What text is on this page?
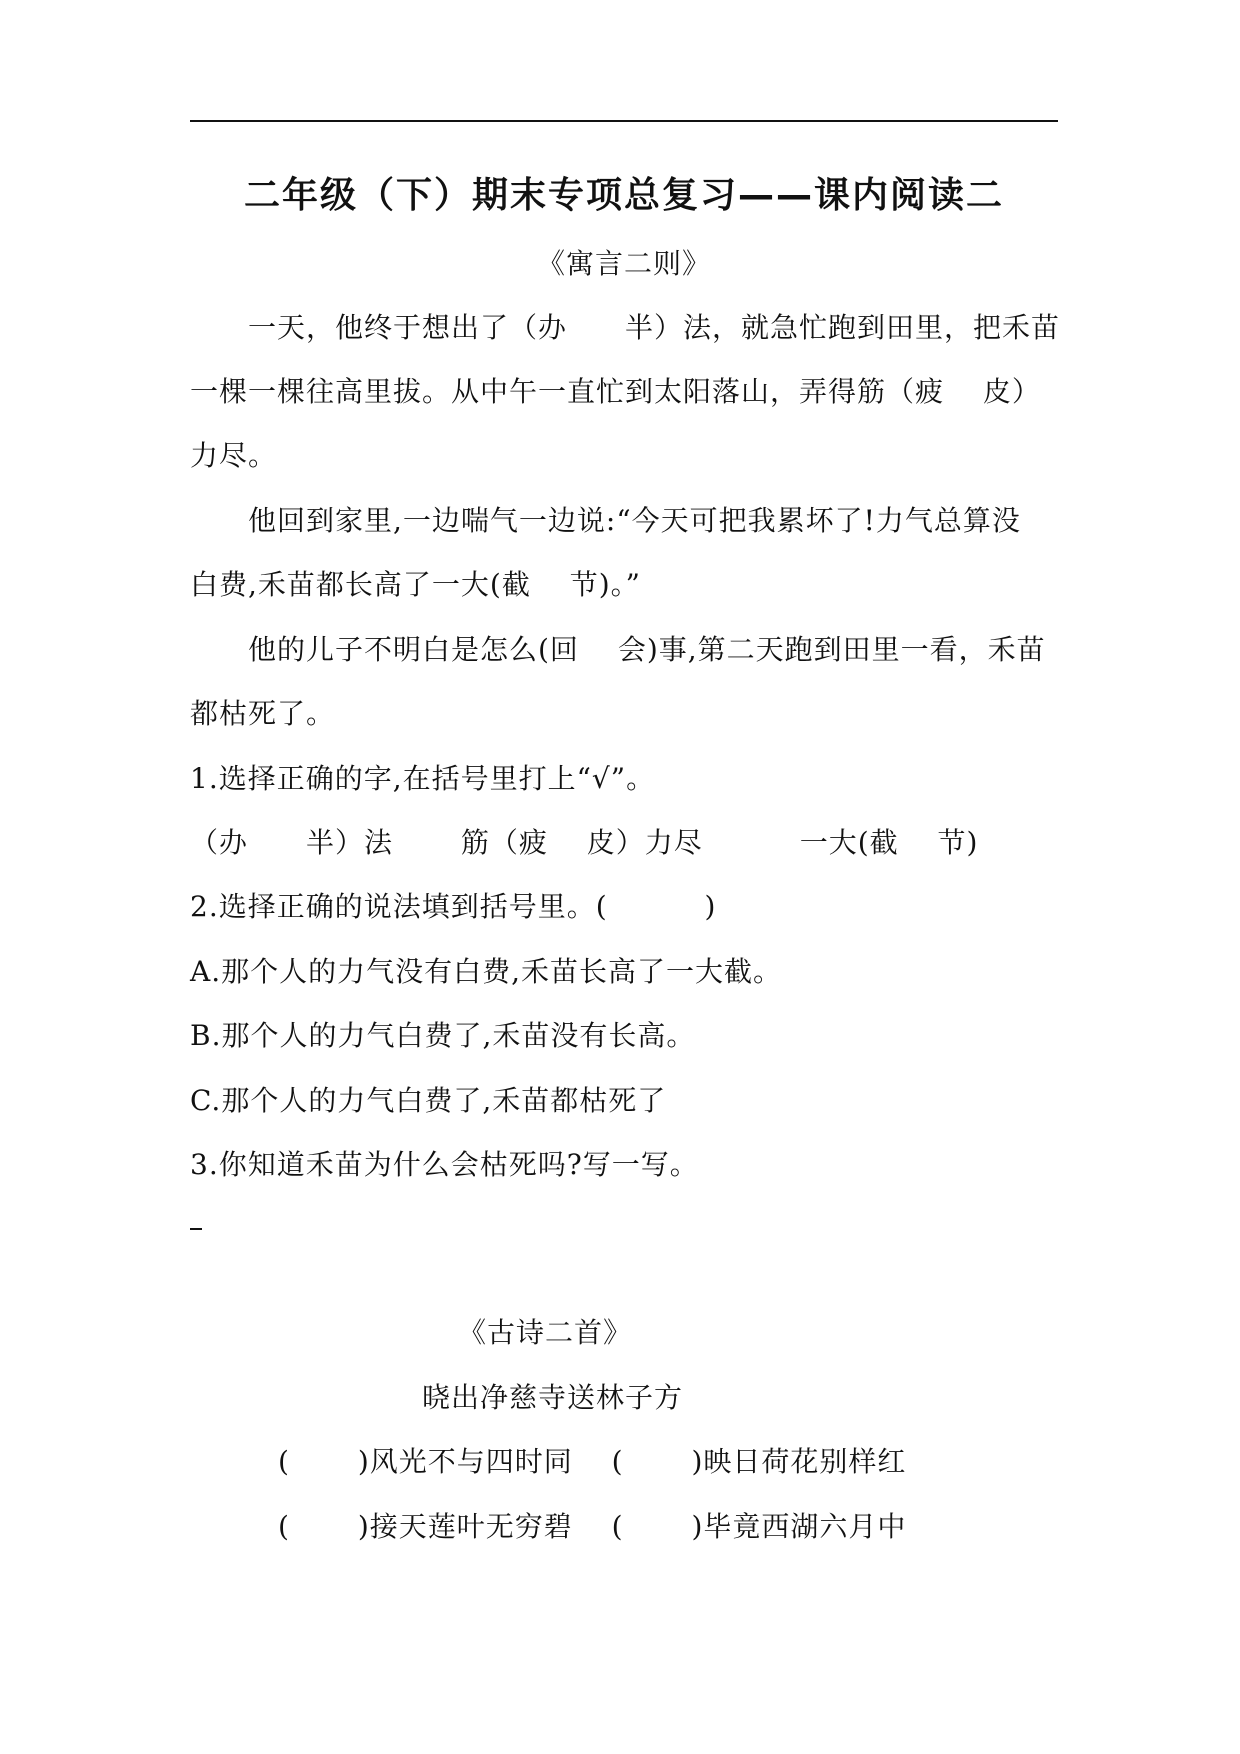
二年级（下）期末专项总复习——课内阅读二
《寓言二则》
一天，他终于想出了（办　　半）法，就急忙跑到田里，把禾苗
一棵一棵往高里拔。从中午一直忙到太阳落山，弄得筋（疲　 皮）
力尽。
他回到家里,一边喘气一边说:“今天可把我累坏了!力气总算没
白费,禾苗都长高了一大(截　 节)。”
他的儿子不明白是怎么(回　 会)事,第二天跑到田里一看，禾苗
都枯死了。
1.选择正确的字,在括号里打上“√”。
（办　　半）法　　 筋（疲　 皮）力尽　　　 一大(截　 节)
2.选择正确的说法填到括号里。(　　　 )
A.那个人的力气没有白费,禾苗长高了一大截。
B.那个人的力气白费了,禾苗没有长高。
C.那个人的力气白费了,禾苗都枯死了
3.你知道禾苗为什么会枯死吗?写一写。
《古诗二首》
晓出净慈寺送林子方
(　　 )风光不与四时同　 (　　 )映日荷花别样红
(　　 )接天莲叶无穷碧　 (　　 )毕竟西湖六月中
